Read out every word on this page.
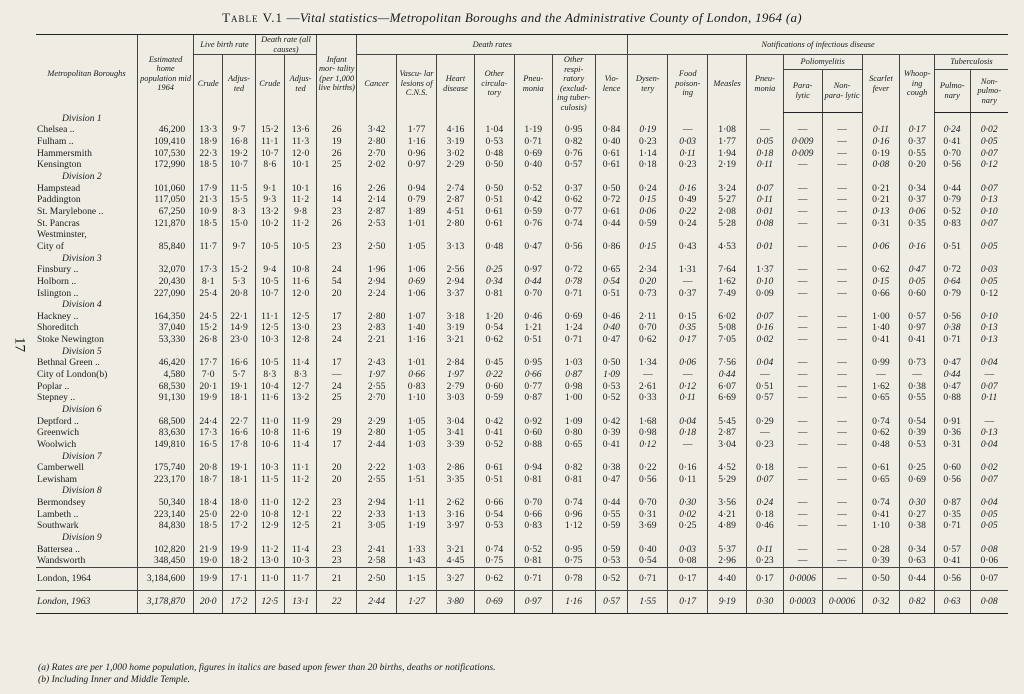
Table V.1 —Vital statistics—Metropolitan Boroughs and the Administrative County of London, 1964 (a)
17
Metropolitan Boroughs	Estimated home population mid 1964	Live birth rate		Death rate (all causes)		Infant mor- tality (per 1,000 live births)	Death rates							Notifications of infectious disease									
		Crude	Adjus- ted	Crude	Adjus- ted		Cancer	Vascu- lar lesions of C.N.S.	Heart disease	Other circula- tory	Pneu- monia	Other respi- ratory (exclud- ing tuber- culosis)	Vio- lence	Dysen- tery	Food poison- ing	Measles	Pneu- monia	Poliomyelitis		Scarlet fever	Whoop- ing cough	Tuberculosis	
																		Para- lytic	Non- para- lytic			Pulmo- nary	Non- pulmo- nary
Division 1																							
Chelsea ..	46,200	13·3	9·7	15·2	13·6	26	3·42	1·77	4·16	1·04	1·19	0·95	0·84	0·19	—	1·08	—	—	—	0·11	0·17	0·24	0·02
Fulham ..	109,410	18·9	16·8	11·1	11·3	19	2·80	1·16	3·19	0·53	0·71	0·82	0·40	0·23	0·03	1·77	0·05	0·009	—	0·16	0·37	0·41	0·05
Hammersmith	107,530	22·3	19·2	10·7	12·0	26	2·70	0·96	3·02	0·48	0·69	0·76	0·61	1·14	0·11	1·94	0·18	0·009	—	0·19	0·55	0·70	0·07
Kensington	172,990	18·5	10·7	8·6	10·1	25	2·02	0·97	2·29	0·50	0·40	0·57	0·61	0·18	0·23	2·19	0·11	—	—	0·08	0·20	0·56	0·12
Division 2																							
Hampstead	101,060	17·9	11·5	9·1	10·1	16	2·26	0·94	2·74	0·50	0·52	0·37	0·50	0·24	0·16	3·24	0·07	—	—	0·21	0·34	0·44	0·07
Paddington	117,050	21·3	15·5	9·3	11·2	14	2·14	0·79	2·87	0·51	0·42	0·62	0·72	0·15	0·49	5·27	0·11	—	—	0·21	0·37	0·79	0·13
St. Marylebone ..	67,250	10·9	8·3	13·2	9·8	23	2·87	1·89	4·51	0·61	0·59	0·77	0·61	0·06	0·22	2·08	0·01	—	—	0·13	0·06	0·52	0·10
St. Pancras	121,870	18·5	15·0	10·2	11·2	26	2·53	1·01	2·80	0·61	0·76	0·74	0·44	0·59	0·24	5·28	0·08	—	—	0·31	0·35	0·83	0·07
Westminster,																							
City of	85,840	11·7	9·7	10·5	10·5	23	2·50	1·05	3·13	0·48	0·47	0·56	0·86	0·15	0·43	4·53	0·01	—	—	0·06	0·16	0·51	0·05
Division 3																							
Finsbury ..	32,070	17·3	15·2	9·4	10·8	24	1·96	1·06	2·56	0·25	0·97	0·72	0·65	2·34	1·31	7·64	1·37	—	—	0·62	0·47	0·72	0·03
Holborn ..	20,430	8·1	5·3	10·5	11·6	54	2·94	0·69	2·94	0·34	0·44	0·78	0·54	0·20	—	1·62	0·10	—	—	0·15	0·05	0·64	0·05
Islington ..	227,090	25·4	20·8	10·7	12·0	20	2·24	1·06	3·37	0·81	0·70	0·71	0·51	0·73	0·37	7·49	0·09	—	—	0·66	0·60	0·79	0·12
Division 4																							
Hackney ..	164,350	24·5	22·1	11·1	12·5	17	2·80	1·07	3·18	1·20	0·46	0·69	0·46	2·11	0·15	6·02	0·07	—	—	1·00	0·57	0·56	0·10
Shoreditch	37,040	15·2	14·9	12·5	13·0	23	2·83	1·40	3·19	0·54	1·21	1·24	0·40	0·70	0·35	5·08	0·16	—	—	1·40	0·97	0·38	0·13
Stoke Newington	53,330	26·8	23·0	10·3	12·8	24	2·21	1·16	3·21	0·62	0·51	0·71	0·47	0·62	0·17	7·05	0·02	—	—	0·41	0·41	0·71	0·13
Division 5																							
Bethnal Green ..	46,420	17·7	16·6	10·5	11·4	17	2·43	1·01	2·84	0·45	0·95	1·03	0·50	1·34	0·06	7·56	0·04	—	—	0·99	0·73	0·47	0·04
City of London(b)	4,580	7·0	5·7	8·3	8·3	—	1·97	0·66	1·97	0·22	0·66	0·87	1·09	—	—	0·44	—	—	—	—	—	0·44	—
Poplar ..	68,530	20·1	19·1	10·4	12·7	24	2·55	0·83	2·79	0·60	0·77	0·98	0·53	2·61	0·12	6·07	0·51	—	—	1·62	0·38	0·47	0·07
Stepney ..	91,130	19·9	18·1	11·6	13·2	25	2·70	1·10	3·03	0·59	0·87	1·00	0·52	0·33	0·11	6·69	0·57	—	—	0·65	0·55	0·88	0·11
Division 6																							
Deptford ..	68,500	24·4	22·7	11·0	11·9	29	2·29	1·05	3·04	0·42	0·92	1·09	0·42	1·68	0·04	5·45	0·29	—	—	0·74	0·54	0·91	—
Greenwich	83,630	17·3	16·6	10·8	11·6	19	2·80	1·05	3·41	0·41	0·60	0·80	0·39	0·98	0·18	2·87	—	—	—	0·62	0·39	0·36	0·13
Woolwich	149,810	16·5	17·8	10·6	11·4	17	2·44	1·03	3·39	0·52	0·88	0·65	0·41	0·12	—	3·04	0·23	—	—	0·48	0·53	0·31	0·04
Division 7																							
Camberwell	175,740	20·8	19·1	10·3	11·1	20	2·22	1·03	2·86	0·61	0·94	0·82	0·38	0·22	0·16	4·52	0·18	—	—	0·61	0·25	0·60	0·02
Lewisham	223,170	18·7	18·1	11·5	11·2	20	2·55	1·51	3·35	0·51	0·81	0·81	0·47	0·56	0·11	5·29	0·07	—	—	0·65	0·69	0·56	0·07
Division 8																							
Bermondsey	50,340	18·4	18·0	11·0	12·2	23	2·94	1·11	2·62	0·66	0·70	0·74	0·44	0·70	0·30	3·56	0·24	—	—	0·74	0·30	0·87	0·04
Lambeth ..	223,140	25·0	22·0	10·8	12·1	22	2·33	1·13	3·16	0·54	0·66	0·96	0·55	0·31	0·02	4·21	0·18	—	—	0·41	0·27	0·35	0·05
Southwark	84,830	18·5	17·2	12·9	12·5	21	3·05	1·19	3·97	0·53	0·83	1·12	0·59	3·69	0·25	4·89	0·46	—	—	1·10	0·38	0·71	0·05
Division 9																							
Battersea ..	102,820	21·9	19·9	11·2	11·4	23	2·41	1·33	3·21	0·74	0·52	0·95	0·59	0·40	0·03	5·37	0·11	—	—	0·28	0·34	0·57	0·08
Wandsworth	348,450	19·0	18·2	13·0	10·3	23	2·58	1·43	4·45	0·75	0·81	0·75	0·53	0·54	0·08	2·96	0·23	—	—	0·39	0·63	0·41	0·06
London, 1964	3,184,600	19·9	17·1	11·0	11·7	21	2·50	1·15	3·27	0·62	0·71	0·78	0·52	0·71	0·17	4·40	0·17	0·0006	—	0·50	0·44	0·56	0·07
London, 1963	3,178,870	20·0	17·2	12·5	13·1	22	2·44	1·27	3·80	0·69	0·97	1·16	0·57	1·55	0·17	9·19	0·30	0·0003	0·0006	0·32	0·82	0·63	0·08
(a) Rates are per 1,000 home population, figures in italics are based upon fewer than 20 births, deaths or notifications.
(b) Including Inner and Middle Temple.
